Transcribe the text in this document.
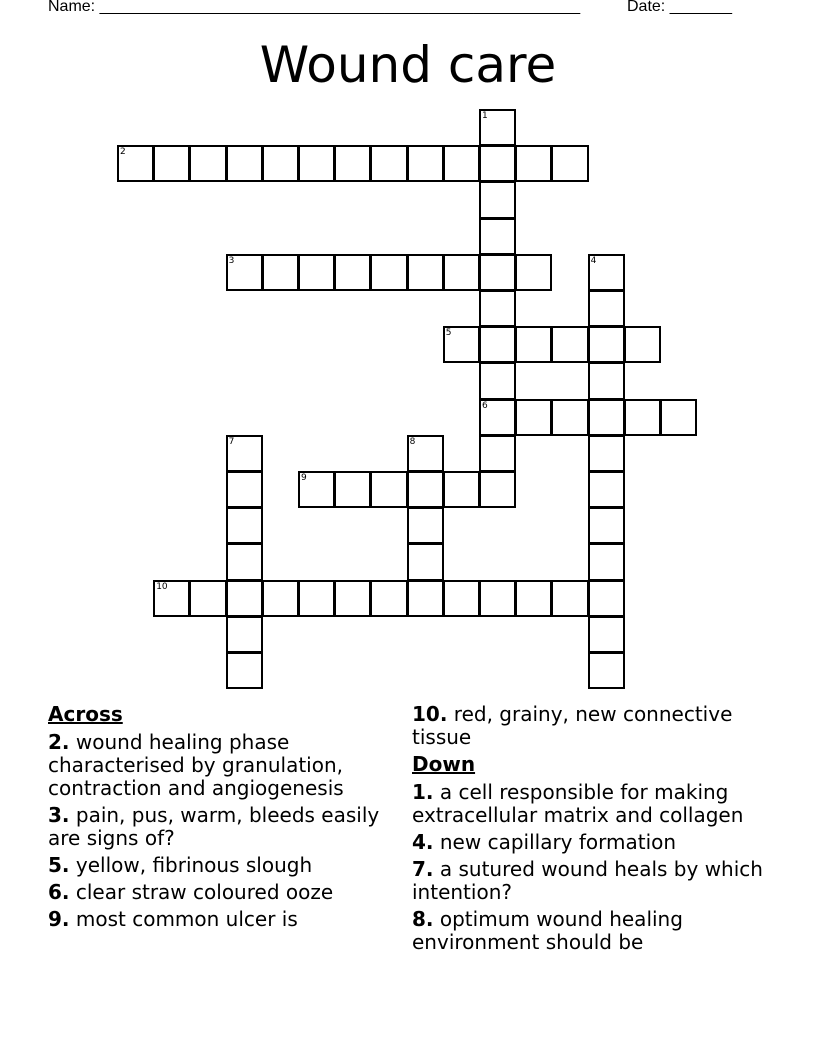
Name: ______________________________________________________	Date: _______
Wound care
1
2
3	4
5
6
7	8
9
10
Across
2. wound healing phase characterised by granulation, contraction and angiogenesis
3. pain, pus, warm, bleeds easily are signs of?
5. yellow, fibrinous slough
6. clear straw coloured ooze
9. most common ulcer is
10. red, grainy, new connective tissue
Down
1. a cell responsible for making extracellular matrix and collagen
4. new capillary formation
7. a sutured wound heals by which intention?
8. optimum wound healing environment should be
